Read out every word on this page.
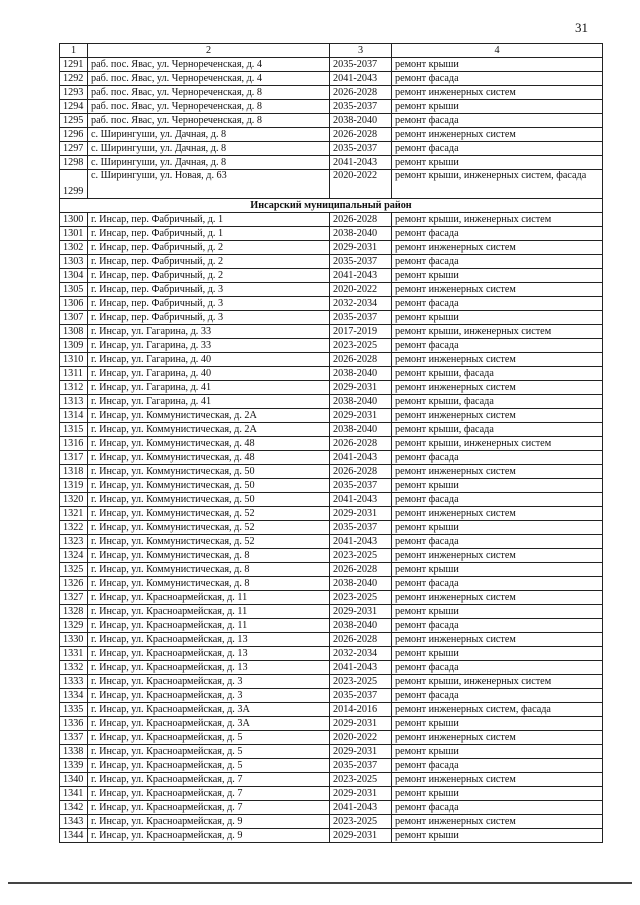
31
1	2	3	4
1291	раб. пос. Явас, ул. Чернореченская, д. 4	2035-2037	ремонт крыши
1292	раб. пос. Явас, ул. Чернореченская, д. 4	2041-2043	ремонт фасада
1293	раб. пос. Явас, ул. Чернореченская, д. 8	2026-2028	ремонт инженерных систем
1294	раб. пос. Явас, ул. Чернореченская, д. 8	2035-2037	ремонт крыши
1295	раб. пос. Явас, ул. Чернореченская, д. 8	2038-2040	ремонт фасада
1296	с. Ширингуши, ул. Дачная, д. 8	2026-2028	ремонт инженерных систем
1297	с. Ширингуши, ул. Дачная, д. 8	2035-2037	ремонт фасада
1298	с. Ширингуши, ул. Дачная, д. 8	2041-2043	ремонт крыши
1299	с. Ширингуши, ул. Новая, д. 63	2020-2022	ремонт крыши, инженерных систем, фасада
Инсарский муниципальный район			
1300	г. Инсар, пер. Фабричный, д. 1	2026-2028	ремонт крыши, инженерных систем
1301	г. Инсар, пер. Фабричный, д. 1	2038-2040	ремонт фасада
1302	г. Инсар, пер. Фабричный, д. 2	2029-2031	ремонт инженерных систем
1303	г. Инсар, пер. Фабричный, д. 2	2035-2037	ремонт фасада
1304	г. Инсар, пер. Фабричный, д. 2	2041-2043	ремонт крыши
1305	г. Инсар, пер. Фабричный, д. 3	2020-2022	ремонт инженерных систем
1306	г. Инсар, пер. Фабричный, д. 3	2032-2034	ремонт фасада
1307	г. Инсар, пер. Фабричный, д. 3	2035-2037	ремонт крыши
1308	г. Инсар, ул. Гагарина, д. 33	2017-2019	ремонт крыши, инженерных систем
1309	г. Инсар, ул. Гагарина, д. 33	2023-2025	ремонт фасада
1310	г. Инсар, ул. Гагарина, д. 40	2026-2028	ремонт инженерных систем
1311	г. Инсар, ул. Гагарина, д. 40	2038-2040	ремонт крыши, фасада
1312	г. Инсар, ул. Гагарина, д. 41	2029-2031	ремонт инженерных систем
1313	г. Инсар, ул. Гагарина, д. 41	2038-2040	ремонт крыши, фасада
1314	г. Инсар, ул. Коммунистическая, д. 2А	2029-2031	ремонт инженерных систем
1315	г. Инсар, ул. Коммунистическая, д. 2А	2038-2040	ремонт крыши, фасада
1316	г. Инсар, ул. Коммунистическая, д. 48	2026-2028	ремонт крыши, инженерных систем
1317	г. Инсар, ул. Коммунистическая, д. 48	2041-2043	ремонт фасада
1318	г. Инсар, ул. Коммунистическая, д. 50	2026-2028	ремонт инженерных систем
1319	г. Инсар, ул. Коммунистическая, д. 50	2035-2037	ремонт крыши
1320	г. Инсар, ул. Коммунистическая, д. 50	2041-2043	ремонт фасада
1321	г. Инсар, ул. Коммунистическая, д. 52	2029-2031	ремонт инженерных систем
1322	г. Инсар, ул. Коммунистическая, д. 52	2035-2037	ремонт крыши
1323	г. Инсар, ул. Коммунистическая, д. 52	2041-2043	ремонт фасада
1324	г. Инсар, ул. Коммунистическая, д. 8	2023-2025	ремонт инженерных систем
1325	г. Инсар, ул. Коммунистическая, д. 8	2026-2028	ремонт крыши
1326	г. Инсар, ул. Коммунистическая, д. 8	2038-2040	ремонт фасада
1327	г. Инсар, ул. Красноармейская, д. 11	2023-2025	ремонт инженерных систем
1328	г. Инсар, ул. Красноармейская, д. 11	2029-2031	ремонт крыши
1329	г. Инсар, ул. Красноармейская, д. 11	2038-2040	ремонт фасада
1330	г. Инсар, ул. Красноармейская, д. 13	2026-2028	ремонт инженерных систем
1331	г. Инсар, ул. Красноармейская, д. 13	2032-2034	ремонт крыши
1332	г. Инсар, ул. Красноармейская, д. 13	2041-2043	ремонт фасада
1333	г. Инсар, ул. Красноармейская, д. 3	2023-2025	ремонт крыши, инженерных систем
1334	г. Инсар, ул. Красноармейская, д. 3	2035-2037	ремонт фасада
1335	г. Инсар, ул. Красноармейская, д. 3А	2014-2016	ремонт инженерных систем, фасада
1336	г. Инсар, ул. Красноармейская, д. 3А	2029-2031	ремонт крыши
1337	г. Инсар, ул. Красноармейская, д. 5	2020-2022	ремонт инженерных систем
1338	г. Инсар, ул. Красноармейская, д. 5	2029-2031	ремонт крыши
1339	г. Инсар, ул. Красноармейская, д. 5	2035-2037	ремонт фасада
1340	г. Инсар, ул. Красноармейская, д. 7	2023-2025	ремонт инженерных систем
1341	г. Инсар, ул. Красноармейская, д. 7	2029-2031	ремонт крыши
1342	г. Инсар, ул. Красноармейская, д. 7	2041-2043	ремонт фасада
1343	г. Инсар, ул. Красноармейская, д. 9	2023-2025	ремонт инженерных систем
1344	г. Инсар, ул. Красноармейская, д. 9	2029-2031	ремонт крыши
